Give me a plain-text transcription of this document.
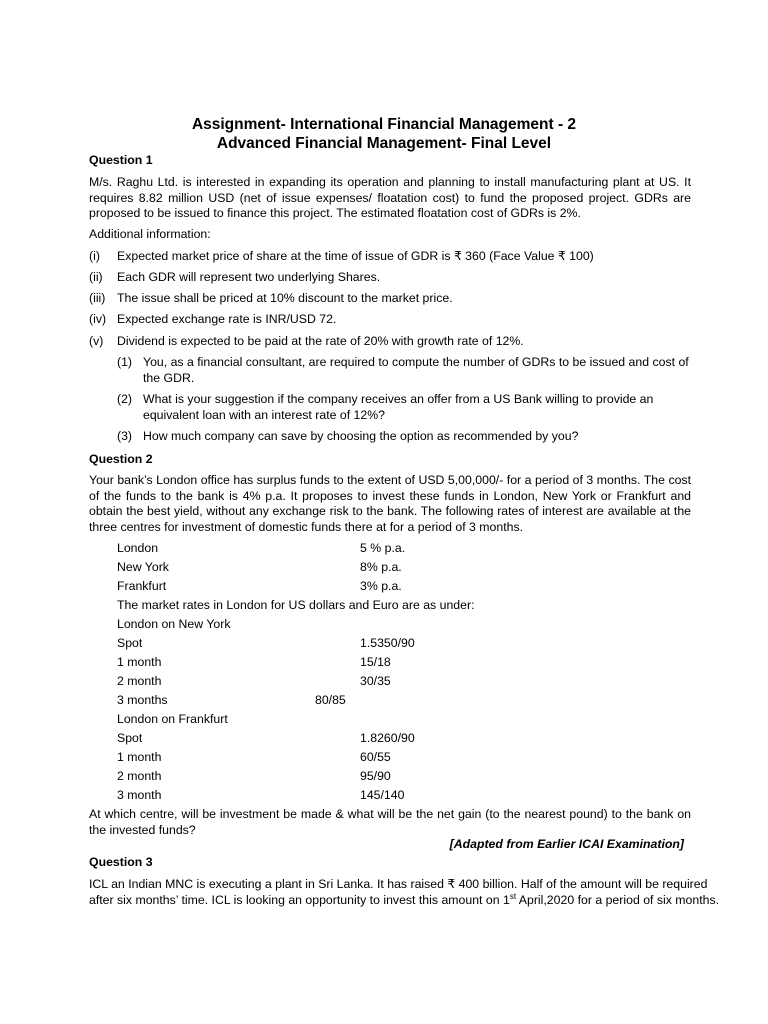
Assignment- International Financial Management - 2
Advanced Financial Management- Final Level
Question 1
M/s. Raghu Ltd. is interested in expanding its operation and planning to install manufacturing plant at US. It requires 8.82 million USD (net of issue expenses/ floatation cost) to fund the proposed project. GDRs are proposed to be issued to finance this project. The estimated floatation cost of GDRs is 2%.
Additional information:
(i) Expected market price of share at the time of issue of GDR is ₹ 360 (Face Value ₹ 100)
(ii) Each GDR will represent two underlying Shares.
(iii) The issue shall be priced at 10% discount to the market price.
(iv) Expected exchange rate is INR/USD 72.
(v) Dividend is expected to be paid at the rate of 20% with growth rate of 12%.
(1) You, as a financial consultant, are required to compute the number of GDRs to be issued and cost of the GDR.
(2) What is your suggestion if the company receives an offer from a US Bank willing to provide an equivalent loan with an interest rate of 12%?
(3) How much company can save by choosing the option as recommended by you?
Question 2
Your bank’s London office has surplus funds to the extent of USD 5,00,000/- for a period of 3 months. The cost of the funds to the bank is 4% p.a. It proposes to invest these funds in London, New York or Frankfurt and obtain the best yield, without any exchange risk to the bank. The following rates of interest are available at the three centres for investment of domestic funds there at for a period of 3 months.
London	5 % p.a.
New York	8% p.a.
Frankfurt	3% p.a.
The market rates in London for US dollars and Euro are as under:
London on New York
Spot	1.5350/90
1 month	15/18
2 month	30/35
3 months	80/85
London on Frankfurt
Spot	1.8260/90
1 month	60/55
2 month	95/90
3 month	145/140
At which centre, will be investment be made & what will be the net gain (to the nearest pound) to the bank on the invested funds?
[Adapted from Earlier ICAI Examination]
Question 3
ICL an Indian MNC is executing a plant in Sri Lanka. It has raised ₹ 400 billion. Half of the amount will be required
after six months’ time. ICL is looking an opportunity to invest this amount on 1st April,2020 for a period of six months.
